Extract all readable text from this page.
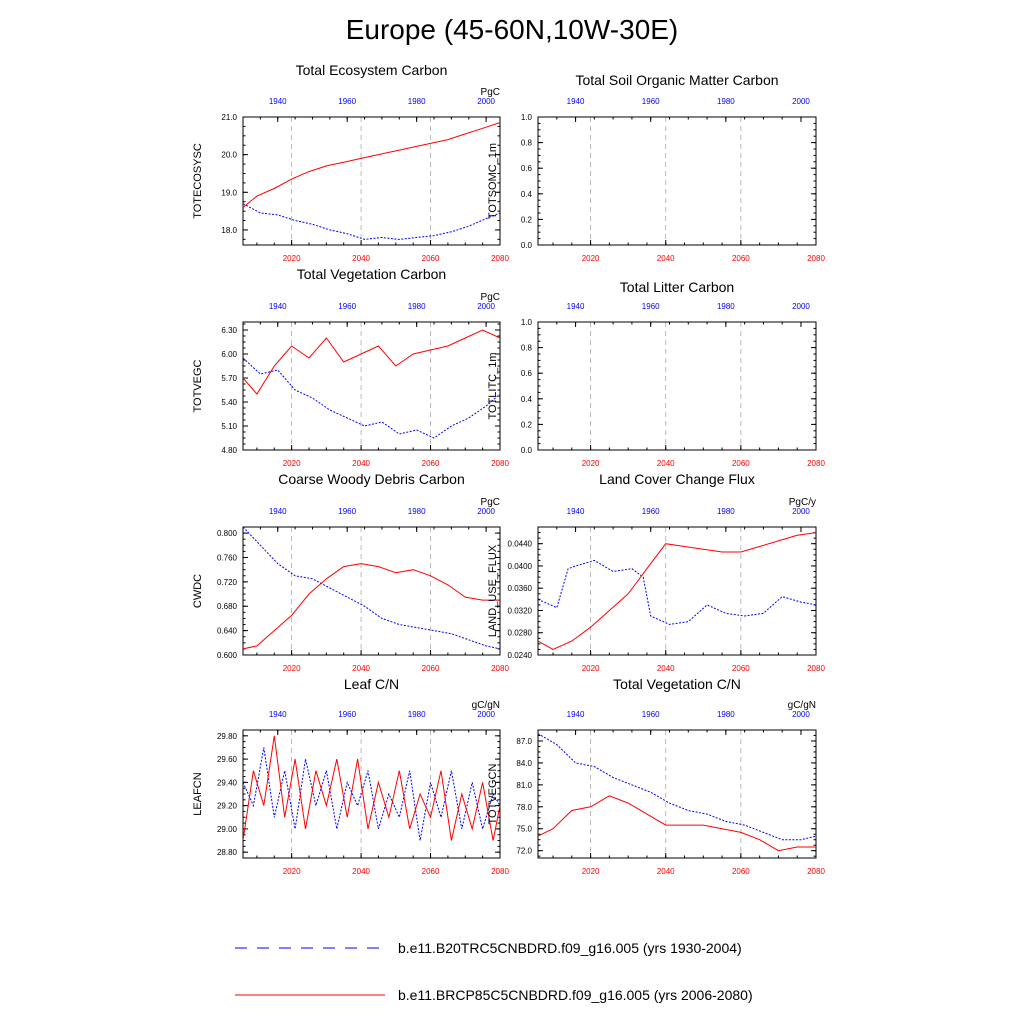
Europe (45-60N,10W-30E)
Total Ecosystem Carbon
PgC
2020	2040	2060	2080
1940	1960	1980	2000
18.0
19.0
20.0
21.0
TOTECOSYSC
Total Soil Organic Matter Carbon
2020	2040	2060	2080
1940	1960	1980	2000
0.0
0.2
0.4
0.6
0.8
1.0
TOTSOMC_1m
Total Vegetation Carbon
PgC
2020	2040	2060	2080
1940	1960	1980	2000
4.80
5.10
5.40
5.70
6.00
6.30
TOTVEGC
Total Litter Carbon
2020	2040	2060	2080
1940	1960	1980	2000
0.0
0.2
0.4
0.6
0.8
1.0
TOTLITC_1m
Coarse Woody Debris Carbon
PgC
2020	2040	2060	2080
1940	1960	1980	2000
0.600
0.640
0.680
0.720
0.760
0.800
CWDC
Land Cover Change Flux
PgC/y
2020	2040	2060	2080
1940	1960	1980	2000
0.0240
0.0280
0.0320
0.0360
0.0400
0.0440
LAND_USE_FLUX
Leaf C/N
gC/gN
2020	2040	2060	2080
1940	1960	1980	2000
28.80
29.00
29.20
29.40
29.60
29.80
LEAFCN
Total Vegetation C/N
gC/gN
2020	2040	2060	2080
1940	1960	1980	2000
72.0
75.0
78.0
81.0
84.0
87.0
TOTVEGCN
b.e11.B20TRC5CNBDRD.f09_g16.005 (yrs 1930-2004)
b.e11.BRCP85C5CNBDRD.f09_g16.005 (yrs 2006-2080)
